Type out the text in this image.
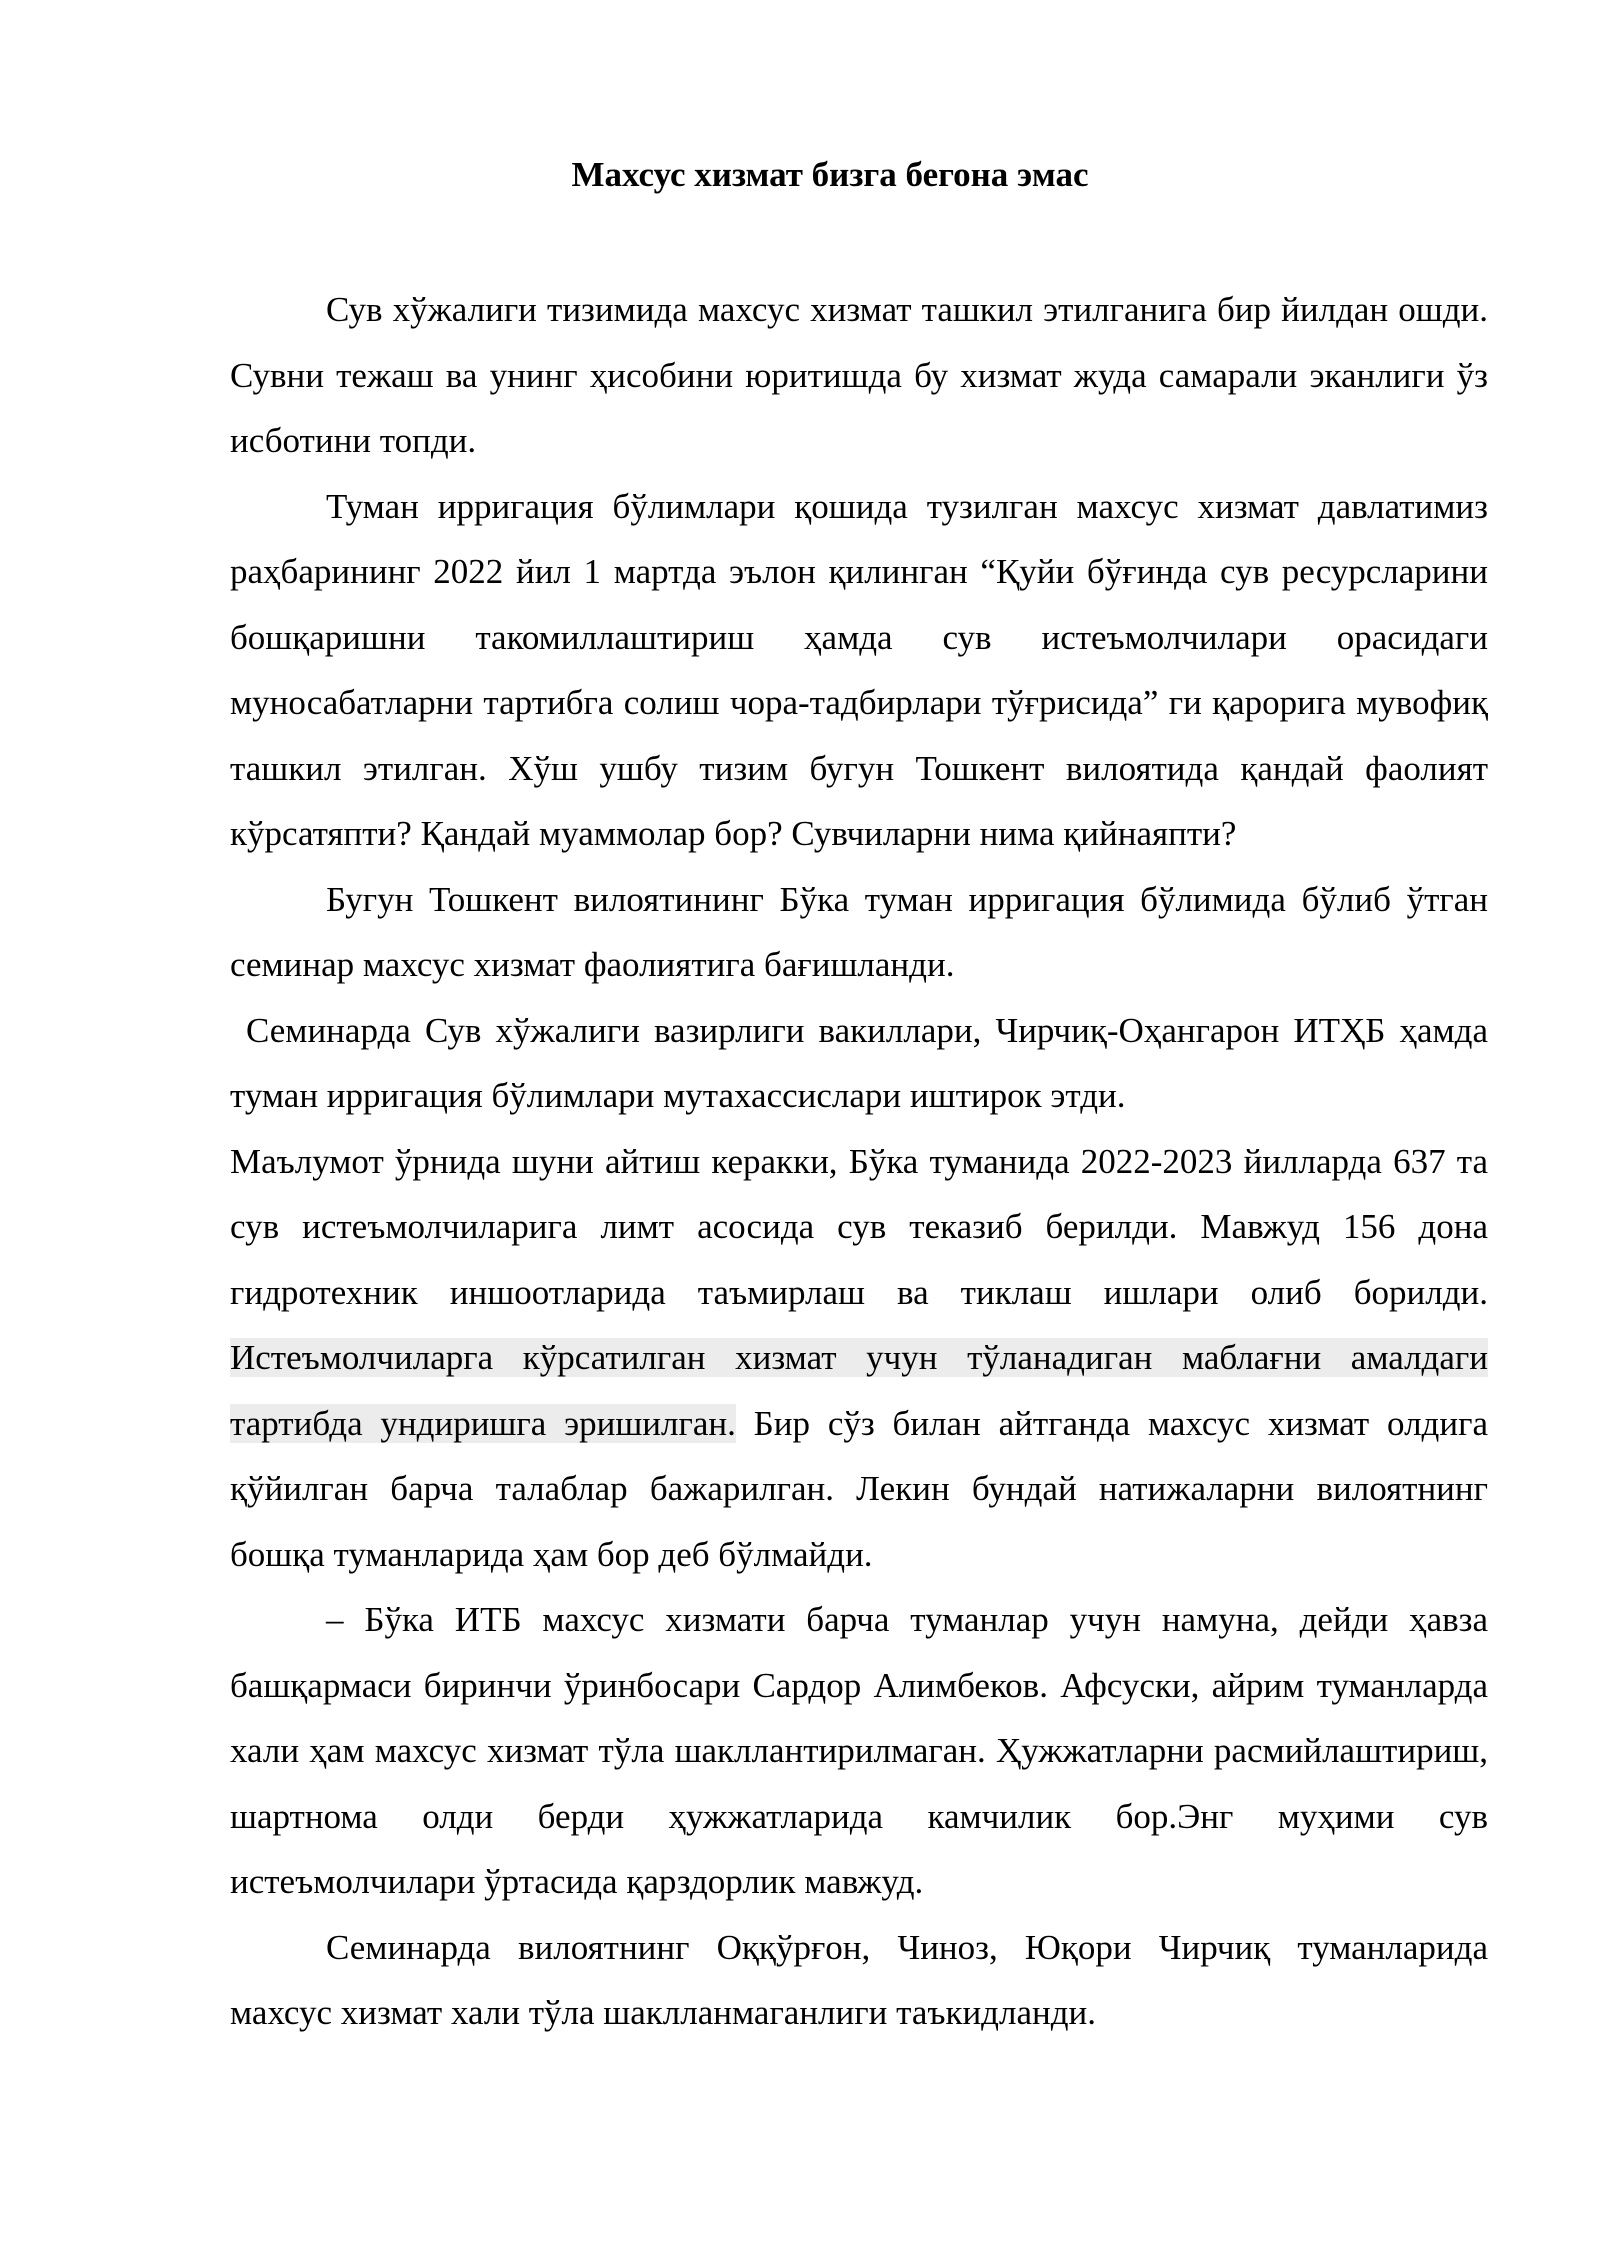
Махсус хизмат бизга бегона эмас

Сув хўжалиги тизимида махсус хизмат ташкил этилганига бир йилдан ошди. Сувни тежаш ва унинг ҳисобини юритишда бу хизмат жуда самарали эканлиги ўз исботини топди.

Туман ирригация бўлимлари қошида тузилган махсус хизмат давлатимиз раҳбарининг 2022 йил 1 мартда эълон қилинган “Қуйи бўғинда сув ресурсларини бошқаришни такомиллаштириш ҳамда сув истеъмолчилари орасидаги муносабатларни тартибга солиш чора-тадбирлари тўғрисида” ги қарорига мувофиқ ташкил этилган. Хўш ушбу тизим бугун Тошкент вилоятида қандай фаолият кўрсатяпти? Қандай муаммолар бор? Сувчиларни нима қийнаяпти?

Бугун Тошкент вилоятининг Бўка туман ирригация бўлимида бўлиб ўтган семинар махсус хизмат фаолиятига бағишланди.

Семинарда Сув хўжалиги вазирлиги вакиллари, Чирчиқ-Оҳангарон ИТҲБ ҳамда туман ирригация бўлимлари мутахассислари иштирок этди.

Маълумот ўрнида шуни айтиш керакки, Бўка туманида 2022-2023 йилларда 637 та сув истеъмолчиларига лимт асосида сув теказиб берилди. Мавжуд 156 дона гидротехник иншоотларида таъмирлаш ва тиклаш ишлари олиб борилди. Истеъмолчиларга кўрсатилган хизмат учун тўланадиган маблағни амалдаги тартибда ундиришга эришилган. Бир сўз билан айтганда махсус хизмат олдига қўйилган барча талаблар бажарилган. Лекин бундай натижаларни вилоятнинг бошқа туманларида ҳам бор деб бўлмайди.

– Бўка ИТБ махсус хизмати барча туманлар учун намуна, дейди ҳавза башқармаси биринчи ўринбосари Сардор Алимбеков. Афсуски, айрим туманларда хали ҳам махсус хизмат тўла шакллантирилмаган. Ҳужжатларни расмийлаштириш, шартнома олди берди ҳужжатларида камчилик бор.Энг муҳими сув истеъмолчилари ўртасида қарздорлик мавжуд.

Семинарда вилоятнинг Оққўрғон, Чиноз, Юқори Чирчиқ туманларида махсус хизмат хали тўла шаклланмаганлиги таъкидланди.
